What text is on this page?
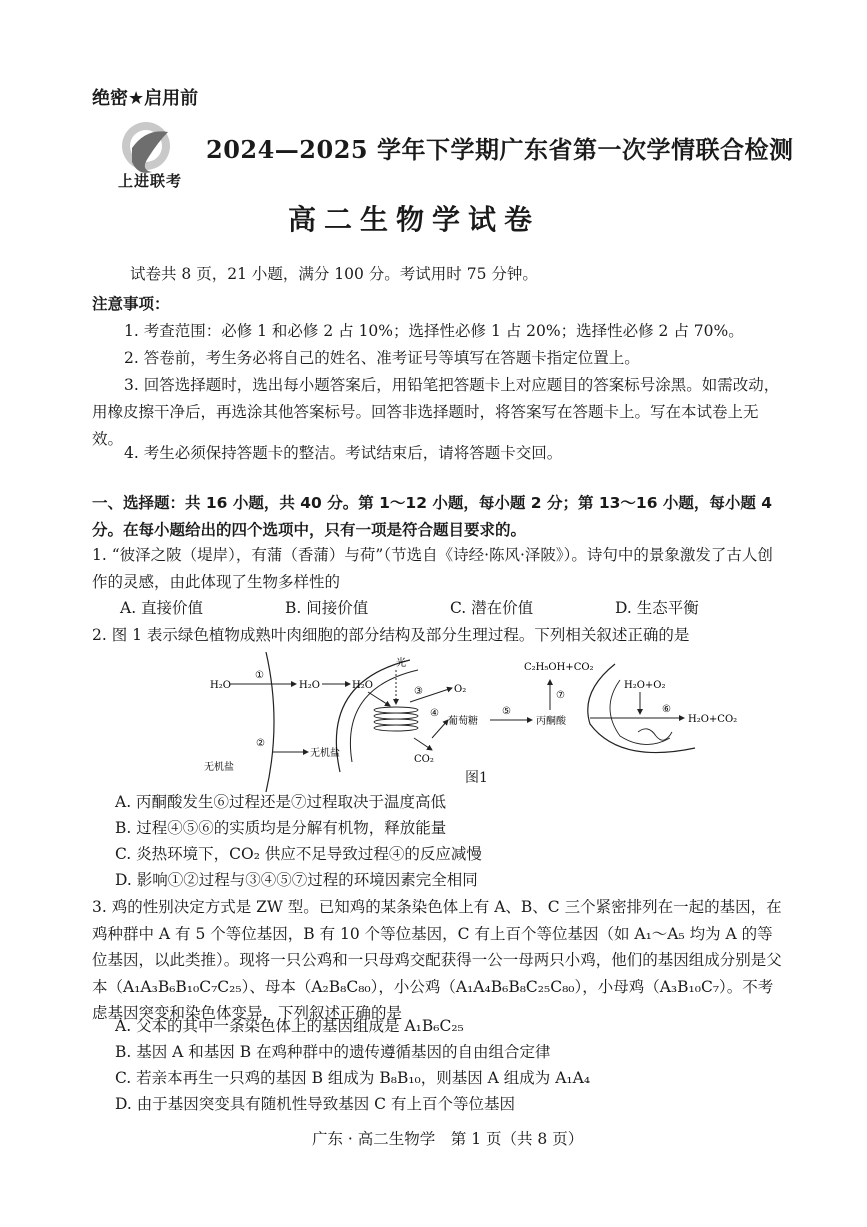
绝密★启用前
上进联考
2024—2025 学年下学期广东省第一次学情联合检测
高二生物学试卷
试卷共 8 页，21 小题，满分 100 分。考试用时 75 分钟。
注意事项：
1. 考查范围：必修 1 和必修 2 占 10%；选择性必修 1 占 20%；选择性必修 2 占 70%。
2. 答卷前，考生务必将自己的姓名、准考证号等填写在答题卡指定位置上。
3. 回答选择题时，选出每小题答案后，用铅笔把答题卡上对应题目的答案标号涂黑。如需改动，用橡皮擦干净后，再选涂其他答案标号。回答非选择题时，将答案写在答题卡上。写在本试卷上无效。
4. 考生必须保持答题卡的整洁。考试结束后，请将答题卡交回。
一、选择题：共 16 小题，共 40 分。第 1～12 小题，每小题 2 分；第 13～16 小题，每小题 4 分。在每小题给出的四个选项中，只有一项是符合题目要求的。
1. “彼泽之陂（堤岸），有蒲（香蒲）与荷”（节选自《诗经·陈风·泽陂》）。诗句中的景象激发了古人创作的灵感，由此体现了生物多样性的
A. 直接价值	B. 间接价值	C. 潜在价值	D. 生态平衡
2. 图 1 表示绿色植物成熟叶肉细胞的部分结构及部分生理过程。下列相关叙述正确的是
H₂O
①
H₂O	H₂O
光
③	O₂
④
葡萄糖
CO₂
②
无机盐
无机盐
⑤
C₂H₅OH+CO₂
⑦
丙酮酸
H₂O+O₂
⑥
H₂O+CO₂
图1
A. 丙酮酸发生⑥过程还是⑦过程取决于温度高低
B. 过程④⑤⑥的实质均是分解有机物，释放能量
C. 炎热环境下，CO₂ 供应不足导致过程④的反应减慢
D. 影响①②过程与③④⑤⑦过程的环境因素完全相同
3. 鸡的性别决定方式是 ZW 型。已知鸡的某条染色体上有 A、B、C 三个紧密排列在一起的基因，在鸡种群中 A 有 5 个等位基因，B 有 10 个等位基因，C 有上百个等位基因（如 A₁～A₅ 均为 A 的等位基因，以此类推）。现将一只公鸡和一只母鸡交配获得一公一母两只小鸡，他们的基因组成分别是父本（A₁A₃B₆B₁₀C₇C₂₅）、母本（A₂B₈C₈₀），小公鸡（A₁A₄B₆B₈C₂₅C₈₀），小母鸡（A₃B₁₀C₇）。不考虑基因突变和染色体变异，下列叙述正确的是
A. 父本的其中一条染色体上的基因组成是 A₁B₆C₂₅
B. 基因 A 和基因 B 在鸡种群中的遗传遵循基因的自由组合定律
C. 若亲本再生一只鸡的基因 B 组成为 B₈B₁₀，则基因 A 组成为 A₁A₄
D. 由于基因突变具有随机性导致基因 C 有上百个等位基因
广东 · 高二生物学　第 1 页（共 8 页）
